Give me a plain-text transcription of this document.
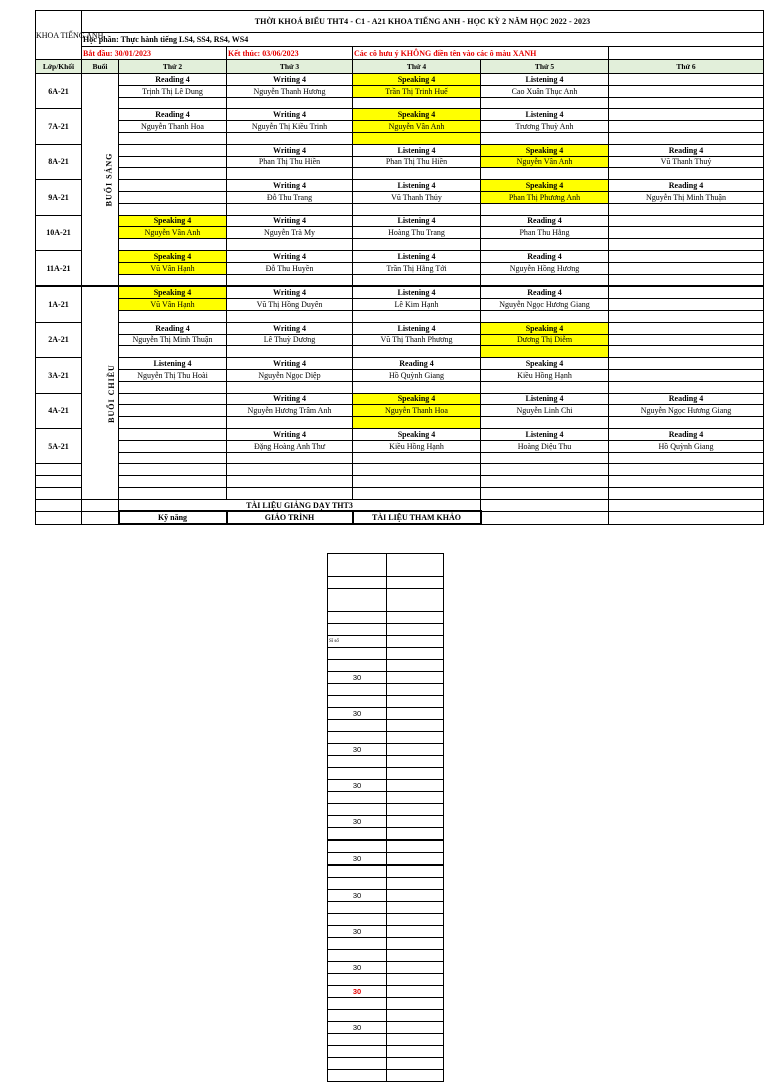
KHOA TIẾNG ANH	THỜI KHOÁ BIỂU THT4 - C1 - A21 KHOA TIẾNG ANH - HỌC KỲ 2 NĂM HỌC 2022 - 2023						
	Học phần: Thực hành tiếng LS4, SS4, RS4, WS4						
	Bắt đầu: 30/01/2023		Kết thúc: 03/06/2023	Các cô hưu ý KHÔNG điền tên vào các ô màu XANH			
Lớp/Khối	Buổi	Thứ 2	Thứ 3	Thứ 4	Thứ 5	Thứ 6	
6A-21	BUỔI SÁNG	Reading 4	Writing 4	Speaking 4	Listening 4		
		Trịnh Thị Lê Dung	Nguyễn Thanh Hương	Trần Thị Trinh Huế	Cao Xuân Thục Anh		

7A-21		Reading 4	Writing 4	Speaking 4	Listening 4		
		Nguyễn Thanh Hoa	Nguyễn Thị Kiều Trinh	Nguyễn Vân Anh	Trương Thuỳ Anh		

8A-21			Writing 4	Listening 4	Speaking 4	Reading 4	
			Phan Thị Thu Hiền	Phan Thị Thu Hiền	Nguyễn Vân Anh	Vũ Thanh Thuỷ	

9A-21			Writing 4	Listening 4	Speaking 4	Reading 4	
			Đỗ Thu Trang	Vũ Thanh Thủy	Phan Thị Phương Anh	Nguyễn Thị Minh Thuận	

10A-21		Speaking 4	Writing 4	Listening 4	Reading 4		
		Nguyễn Vân Anh	Nguyễn Trà My	Hoàng Thu Trang	Phan Thu Hằng		

11A-21		Speaking 4	Writing 4	Listening 4	Reading 4		
		Vũ Vân Hạnh	Đỗ Thu Huyền	Trần Thị Hằng Tới	Nguyễn Hồng Hương		

1A-21	BUỔI CHIỀU	Speaking 4	Writing 4	Listening 4	Reading 4		
		Vũ Vân Hạnh	Vũ Thị Hồng Duyên	Lê Kim Hạnh	Nguyễn Ngọc Hương Giang		

2A-21		Reading 4	Writing 4	Listening 4	Speaking 4		
		Nguyễn Thị Minh Thuận	Lê Thuỳ Dương	Vũ Thị Thanh Phương	Dương Thị Diễm		

3A-21		Listening 4	Writing 4	Reading 4	Speaking 4		
		Nguyễn Thị Thu Hoài	Nguyễn Ngọc Diệp	Hồ Quỳnh Giang	Kiều Hồng Hạnh		

4A-21			Writing 4	Speaking 4	Listening 4	Reading 4	
			Nguyễn Hương Trâm Anh	Nguyễn Thanh Hoa	Nguyễn Linh Chi	Nguyễn Ngọc Hương Giang	

5A-21			Writing 4	Speaking 4	Listening 4	Reading 4	
			Đặng Hoàng Anh Thư	Kiều Hồng Hạnh	Hoàng Diệu Thu	Hồ Quỳnh Giang	

		TÀI LIỆU GIẢNG DẠY THT3					
		Kỹ năng	GIÁO TRÌNH	TÀI LIỆU THAM KHẢO			

Sĩ số	

30	

30	

30	

30	

30	

30	

30	

30	

30	

30	

30	
